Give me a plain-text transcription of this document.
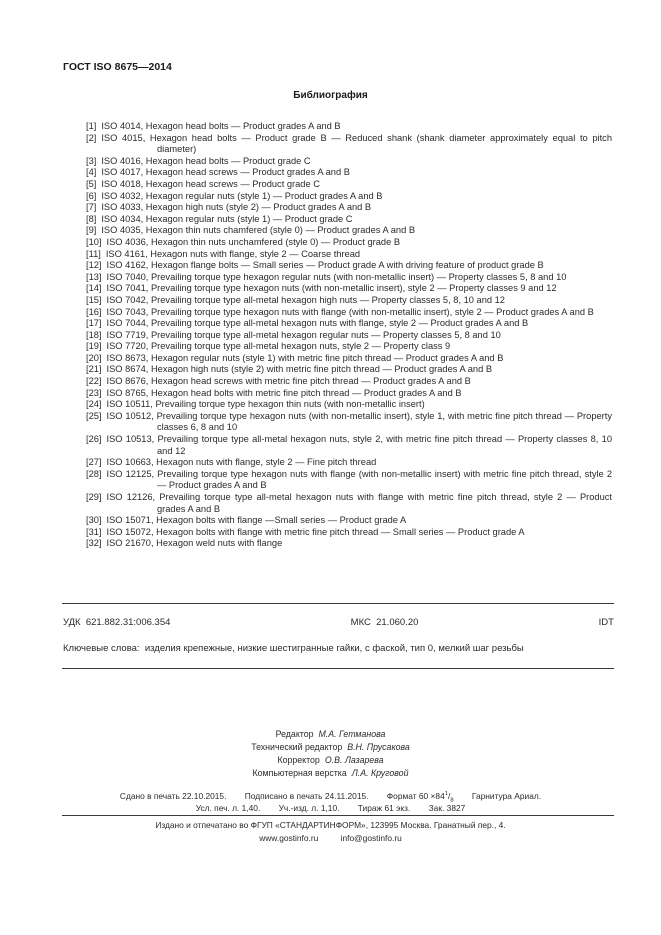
ГОСТ ISO 8675—2014
Библиография
[1] ISO 4014, Hexagon head bolts — Product grades A and B
[2] ISO 4015, Hexagon head bolts — Product grade B — Reduced shank (shank diameter approximately equal to pitch diameter)
[3] ISO 4016, Hexagon head bolts — Product grade C
[4] ISO 4017, Hexagon head screws — Product grades A and B
[5] ISO 4018, Hexagon head screws — Product grade C
[6] ISO 4032, Hexagon regular nuts (style 1) — Product grades A and B
[7] ISO 4033, Hexagon high nuts (style 2) — Product grades A and B
[8] ISO 4034, Hexagon regular nuts (style 1) — Product grade C
[9] ISO 4035, Hexagon thin nuts chamfered (style 0) — Product grades A and B
[10] ISO 4036, Hexagon thin nuts unchamfered (style 0) — Product grade B
[11] ISO 4161, Hexagon nuts with flange, style 2 — Coarse thread
[12] ISO 4162, Hexagon flange bolts — Small series — Product grade A with driving feature of product grade B
[13] ISO 7040, Prevailing torque type hexagon regular nuts (with non-metallic insert) — Property classes 5, 8 and 10
[14] ISO 7041, Prevailing torque type hexagon nuts (with non-metallic insert), style 2 — Property classes 9 and 12
[15] ISO 7042, Prevailing torque type all-metal hexagon high nuts — Property classes 5, 8, 10 and 12
[16] ISO 7043, Prevailing torque type hexagon nuts with flange (with non-metallic insert), style 2 — Product grades A and B
[17] ISO 7044, Prevailing torque type all-metal hexagon nuts with flange, style 2 — Product grades A and B
[18] ISO 7719, Prevailing torque type all-metal hexagon regular nuts — Property classes 5, 8 and 10
[19] ISO 7720, Prevailing torque type all-metal hexagon nuts, style 2 — Property class 9
[20] ISO 8673, Hexagon regular nuts (style 1) with metric fine pitch thread — Product grades A and B
[21] ISO 8674, Hexagon high nuts (style 2) with metric fine pitch thread — Product grades A and B
[22] ISO 8676, Hexagon head screws with metric fine pitch thread — Product grades A and B
[23] ISO 8765, Hexagon head bolts with metric fine pitch thread — Product grades A and B
[24] ISO 10511, Prevailing torque type hexagon thin nuts (with non-metallic insert)
[25] ISO 10512, Prevailing torque type hexagon nuts (with non-metallic insert), style 1, with metric fine pitch thread — Property classes 6, 8 and 10
[26] ISO 10513, Prevailing torque type all-metal hexagon nuts, style 2, with metric fine pitch thread — Property classes 8, 10 and 12
[27] ISO 10663, Hexagon nuts with flange, style 2 — Fine pitch thread
[28] ISO 12125, Prevailing torque type hexagon nuts with flange (with non-metallic insert) with metric fine pitch thread, style 2 — Product grades A and B
[29] ISO 12126, Prevailing torque type all-metal hexagon nuts with flange with metric fine pitch thread, style 2 — Product grades A and B
[30] ISO 15071, Hexagon bolts with flange —Small series — Product grade A
[31] ISO 15072, Hexagon bolts with flange with metric fine pitch thread — Small series — Product grade A
[32] ISO 21670, Hexagon weld nuts with flange
УДК  621.882.31:006.354	МКС  21.060.20	IDT
Ключевые слова:  изделия крепежные, низкие шестигранные гайки, с фаской, тип 0, мелкий шаг резьбы
Редактор М.А. Гетманова
Технический редактор В.Н. Прусакова
Корректор О.В. Лазарева
Компьютерная верстка Л.А. Круговой
Сдано в печать 22.10.2015. Подписано в печать 24.11.2015. Формат $60 \times 84^1/_8$ Гарнитура Ариал.
Усл. печ. л. 1,40. Уч.-изд. л. 1,10. Тираж 61 экз. Зак. 3827
Издано и отпечатано во ФГУП «СТАНДАРТИНФОРМ», 123995 Москва. Гранатный пер., 4.
www.gostinfo.ru	info@gostinfo.ru
